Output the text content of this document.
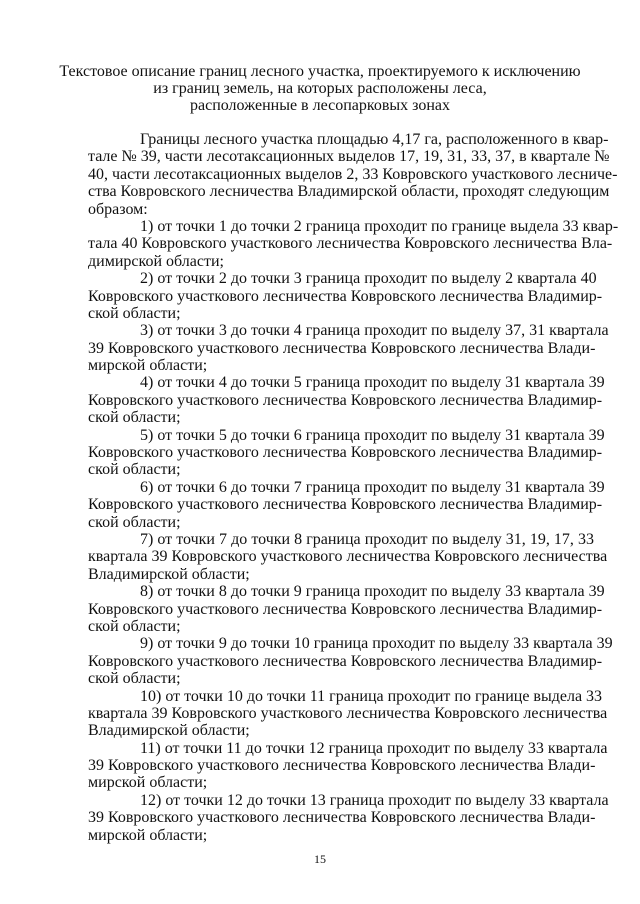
Текстовое описание границ лесного участка, проектируемого к исключению
из границ земель, на которых расположены леса,
расположенные в лесопарковых зонах
Границы лесного участка площадью 4,17 га, расположенного в квар-
тале № 39, части лесотаксационных выделов 17, 19, 31, 33, 37, в квартале №
40, части лесотаксационных выделов 2, 33 Ковровского участкового лесниче-
ства Ковровского лесничества Владимирской области, проходят следующим
образом:
1) от точки 1 до точки 2 граница проходит по границе выдела 33 квар-
тала 40 Ковровского участкового лесничества Ковровского лесничества Вла-
димирской области;
2) от точки 2 до точки 3 граница проходит по выделу 2 квартала 40
Ковровского участкового лесничества Ковровского лесничества Владимир-
ской области;
3) от точки 3 до точки 4 граница проходит по выделу 37, 31 квартала
39 Ковровского участкового лесничества Ковровского лесничества Влади-
мирской области;
4) от точки 4 до точки 5 граница проходит по выделу 31 квартала 39
Ковровского участкового лесничества Ковровского лесничества Владимир-
ской области;
5) от точки 5 до точки 6 граница проходит по выделу 31 квартала 39
Ковровского участкового лесничества Ковровского лесничества Владимир-
ской области;
6) от точки 6 до точки 7 граница проходит по выделу 31 квартала 39
Ковровского участкового лесничества Ковровского лесничества Владимир-
ской области;
7) от точки 7 до точки 8 граница проходит по выделу 31, 19, 17, 33
квартала 39 Ковровского участкового лесничества Ковровского лесничества
Владимирской области;
8) от точки 8 до точки 9 граница проходит по выделу 33 квартала 39
Ковровского участкового лесничества Ковровского лесничества Владимир-
ской области;
9) от точки 9 до точки 10 граница проходит по выделу 33 квартала 39
Ковровского участкового лесничества Ковровского лесничества Владимир-
ской области;
10) от точки 10 до точки 11 граница проходит по границе выдела 33
квартала 39 Ковровского участкового лесничества Ковровского лесничества
Владимирской области;
11) от точки 11 до точки 12 граница проходит по выделу 33 квартала
39 Ковровского участкового лесничества Ковровского лесничества Влади-
мирской области;
12) от точки 12 до точки 13 граница проходит по выделу 33 квартала
39 Ковровского участкового лесничества Ковровского лесничества Влади-
мирской области;
15
